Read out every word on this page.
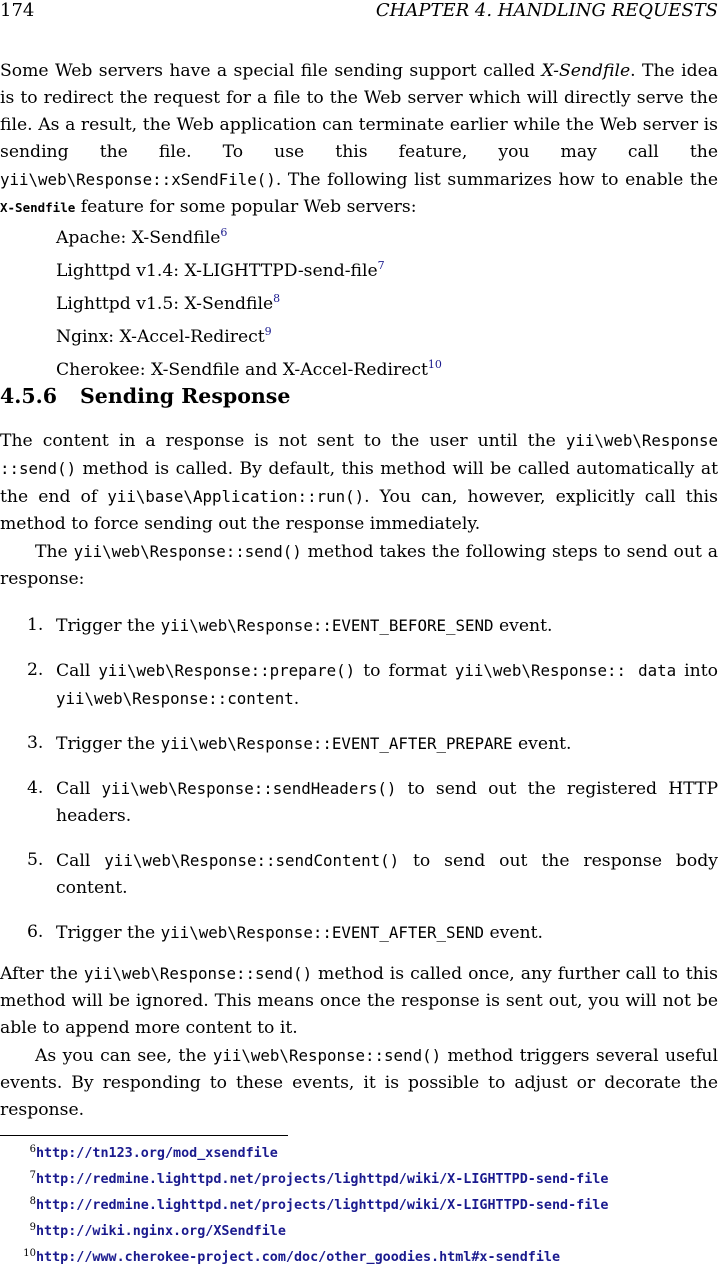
174	CHAPTER 4. HANDLING REQUESTS

Some Web servers have a special file sending support called X-Sendfile. The idea is to redirect the request for a file to the Web server which will directly serve the file. As a result, the Web application can terminate earlier while the Web server is sending the file. To use this feature, you may call the yii\web\Response::xSendFile(). The following list summarizes how to enable the X-Sendfile feature for some popular Web servers:

Apache: X-Sendfile$^6$
Lighttpd v1.4: X-LIGHTTPD-send-file$^7$
Lighttpd v1.5: X-Sendfile$^8$
Nginx: X-Accel-Redirect$^9$
Cherokee: X-Sendfile and X-Accel-Redirect$^{10}$
4.5.6 Sending Response

The content in a response is not sent to the user until the yii\web\Response ::send() method is called. By default, this method will be called automatically at the end of yii\base\Application::run(). You can, however, explicitly call this method to force sending out the response immediately.

The yii\web\Response::send() method takes the following steps to send out a response:

1. Trigger the yii\web\Response::EVENT_BEFORE_SEND event.
2. Call yii\web\Response::prepare() to format yii\web\Response:: data into yii\web\Response::content.
3. Trigger the yii\web\Response::EVENT_AFTER_PREPARE event.
4. Call yii\web\Response::sendHeaders() to send out the registered HTTP headers.
5. Call yii\web\Response::sendContent() to send out the response body content.
6. Trigger the yii\web\Response::EVENT_AFTER_SEND event.

After the yii\web\Response::send() method is called once, any further call to this method will be ignored. This means once the response is sent out, you will not be able to append more content to it.

As you can see, the yii\web\Response::send() method triggers several useful events. By responding to these events, it is possible to adjust or decorate the response.

6http://tn123.org/mod_xsendfile
7http://redmine.lighttpd.net/projects/lighttpd/wiki/X-LIGHTTPD-send-file
8http://redmine.lighttpd.net/projects/lighttpd/wiki/X-LIGHTTPD-send-file
9http://wiki.nginx.org/XSendfile
10http://www.cherokee-project.com/doc/other_goodies.html#x-sendfile
